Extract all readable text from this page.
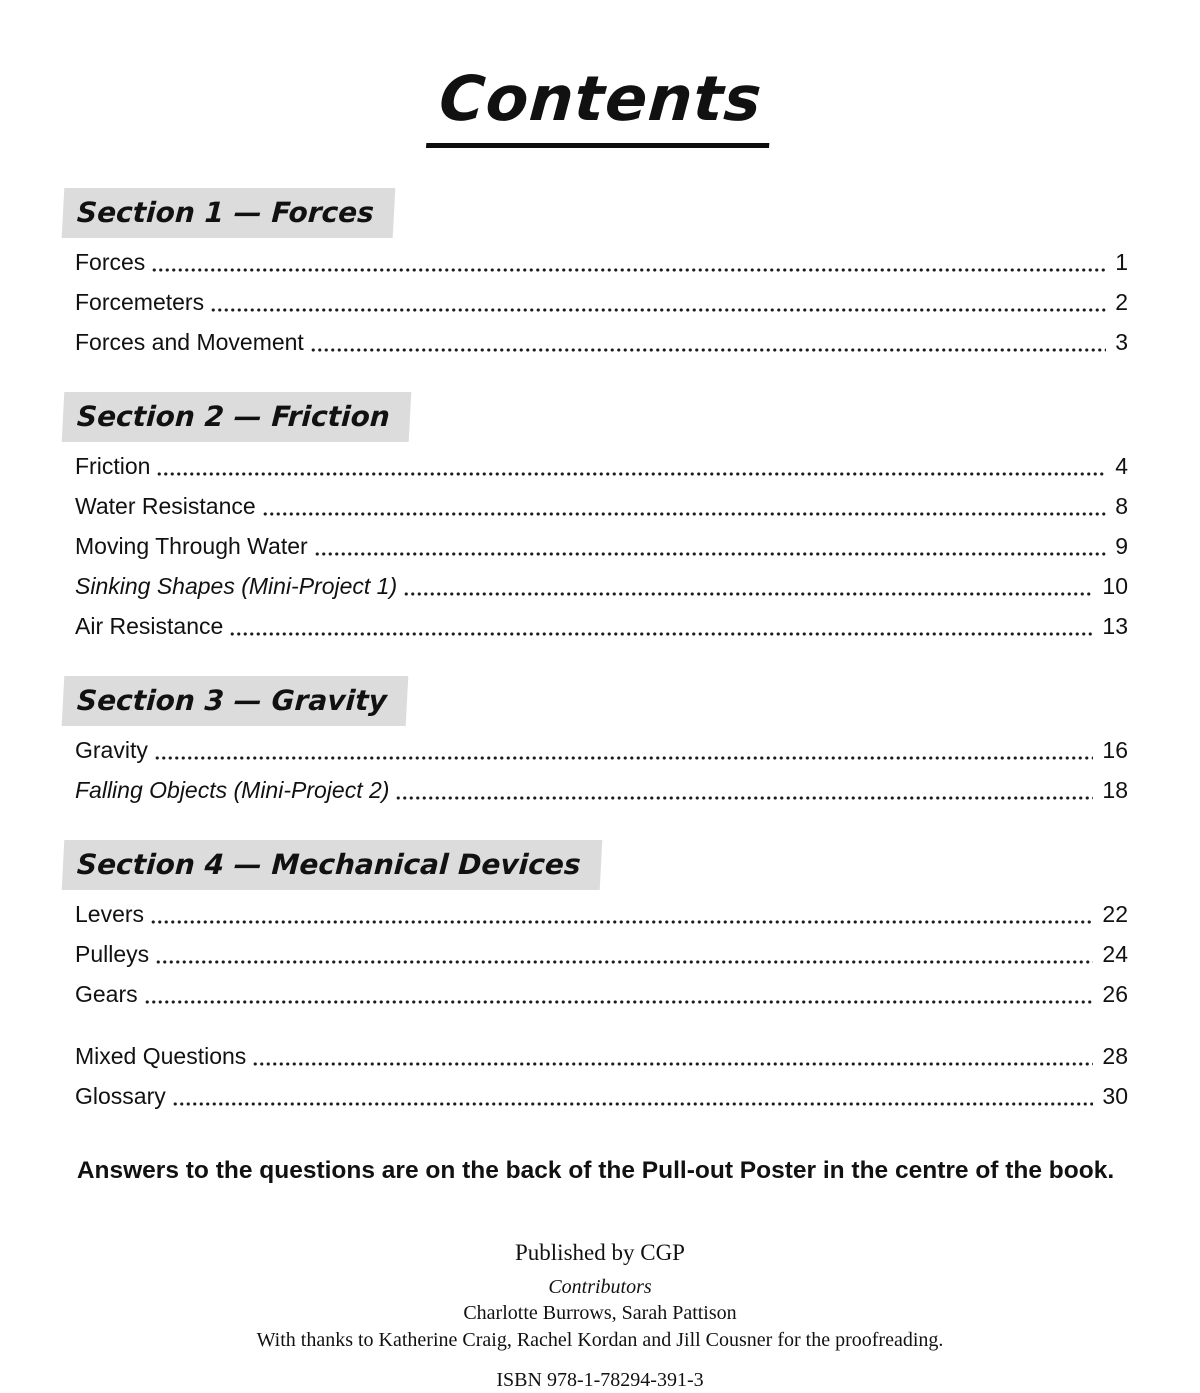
Contents
Section 1 — Forces
Forces	1
Forcemeters	2
Forces and Movement	3
Section 2 — Friction
Friction	4
Water Resistance	8
Moving Through Water	9
Sinking Shapes (Mini-Project 1)	10
Air Resistance	13
Section 3 — Gravity
Gravity	16
Falling Objects (Mini-Project 2)	18
Section 4 — Mechanical Devices
Levers	22
Pulleys	24
Gears	26
Mixed Questions	28
Glossary	30
Answers to the questions are on the back of the Pull-out Poster in the centre of the book.
Published by CGP
Contributors
Charlotte Burrows, Sarah Pattison
With thanks to Katherine Craig, Rachel Kordan and Jill Cousner for the proofreading.
ISBN 978-1-78294-391-3
